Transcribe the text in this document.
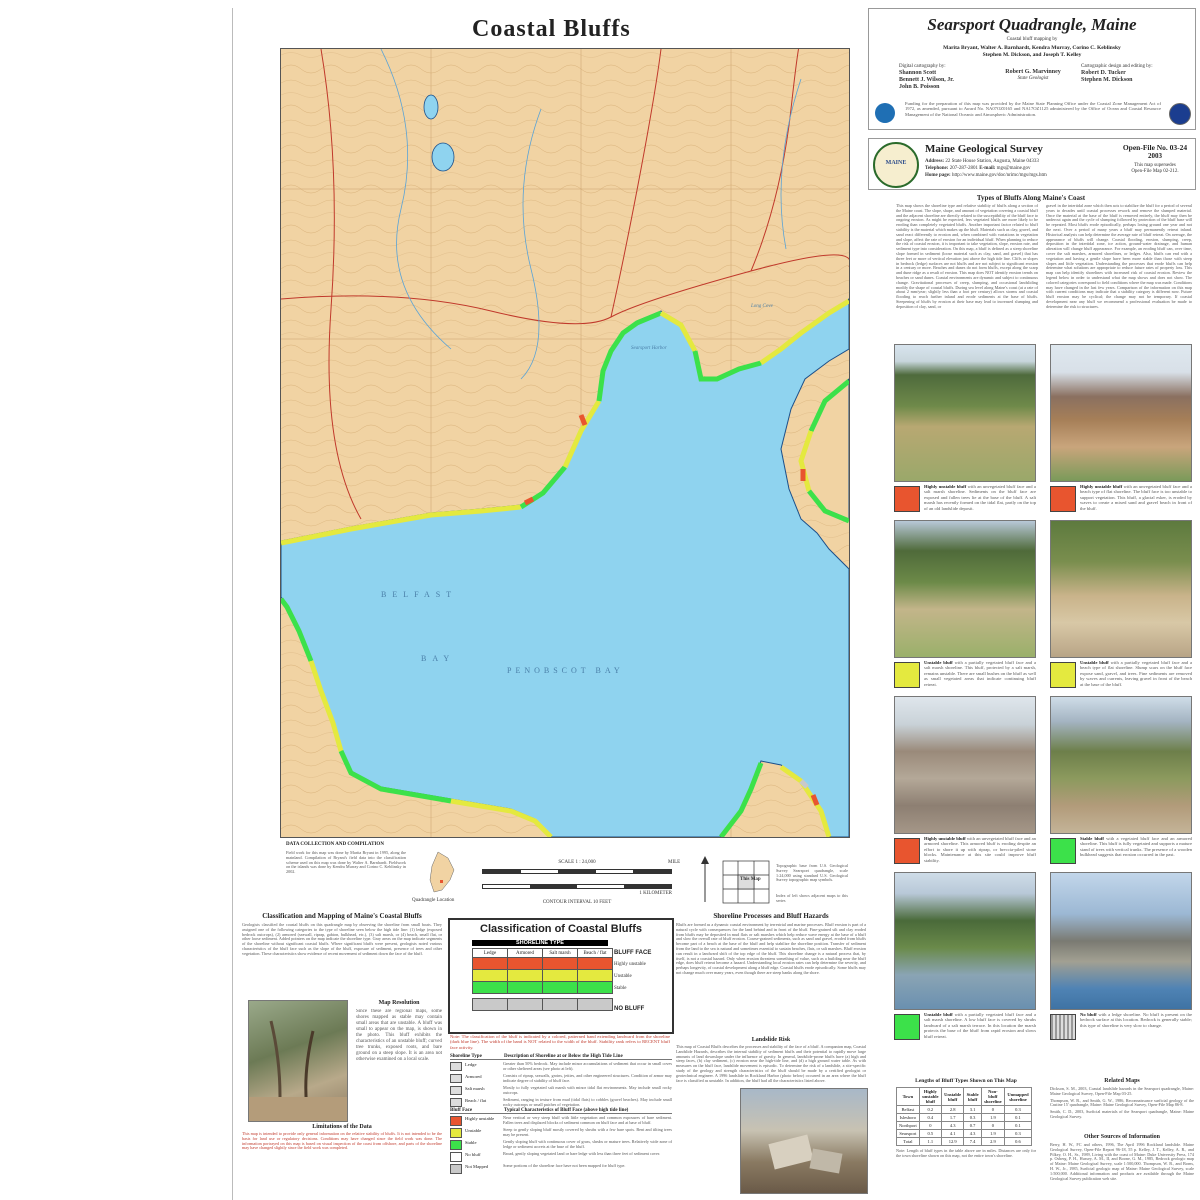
Coastal Bluffs
BELFAST
BAY
PENOBSCOT BAY
Searsport Harbor
Long Cove
DATA COLLECTION AND COMPILATION
Field work for this map was done by Marita Bryant in 1995, along the mainland. Compilation of Bryant's field data into the classification scheme used on this map was done by Walter A. Barnhardt. Fieldwork on the islands was done by Kendra Murray and Corino C. Keblinsky in 2002.
Quadrangle Location
SCALE 1 : 24,000
1 KILOMETER
CONTOUR INTERVAL 10 FEET
MILE
This Map
Topographic base from U.S. Geological Survey Searsport quadrangle, scale 1:24,000 using standard U.S. Geological Survey topographic map symbols.
Index of left shows adjacent maps to this series
Searsport Quadrangle, Maine
Coastal bluff mapping by
Marita Bryant, Walter A. Barnhardt, Kendra Murray, Corino C. Keblinsky
Stephen M. Dickson, and Joseph T. Kelley
Digital cartography by:
Shannon Scott
Bennett J. Wilson, Jr.
John B. Poisson
Robert G. Marvinney
State Geologist
Cartographic design and editing by:
Robert D. Tucker
Stephen M. Dickson
Funding for the preparation of this map was provided by the Maine State Planning Office under the Coastal Zone Management Act of 1972, as amended, pursuant to Award No. NA07OZ0165 and NA17OZ1125 administered by the Office of Ocean and Coastal Resource Management of the National Oceanic and Atmospheric Administration.
MAINE
Maine Geological Survey
Address: 22 State House Station, Augusta, Maine 04333
Telephone: 207-287-2801 E-mail: mgs@maine.gov
Home page: http://www.maine.gov/doc/nrimc/mgs/mgs.htm
Open-File No. 03-24
2003
This map supersedes
Open-File Map 02-212.
Types of Bluffs Along Maine's Coast
This map shows the shoreline type and relative stability of bluffs along a section of the Maine coast. The slope, shape, and amount of vegetation covering a coastal bluff and the adjacent shoreline are directly related to the susceptibility of the bluff face to ongoing erosion. As might be expected, less vegetated bluffs are more likely to be eroding than completely vegetated bluffs. Another important factor related to bluff stability is the material which makes up the bluff. Materials such as clay, gravel, and sand react differently to erosion and, when combined with variations in vegetation and slope, affect the rate of erosion for an individual bluff. When planning to reduce the risk of coastal erosion, it is important to take vegetation, slope, erosion rate, and sediment type into consideration. On this map, a bluff is defined as a steep shoreline slope formed in sediment (loose material such as clay, sand, and gravel) that has three feet or more of vertical elevation just above the high tide line. Cliffs or slopes in bedrock (ledge) surfaces are not bluffs and are not subject to significant erosion in a century or more. Beaches and dunes do not form bluffs, except along the scarp and dune ridge as a result of erosion. This map does NOT identify erosion trends on beaches or sand dunes. Coastal environments are dynamic and subject to continuous change. Gravitational processes of creep, slumping, and occasional landsliding modify the shape of coastal bluffs. During sea level along Maine's coast (at a rate of about 2 mm/year; slightly less than a foot per century) allows storms and coastal flooding to reach further inland and erode sediments at the base of bluffs. Steepening of bluffs by erosion at their base may lead to increased slumping and deposition of clay, sand, or
gravel in the intertidal zone which then acts to stabilize the bluff for a period of several years to decades until coastal processes rework and remove the slumped material. Once the material at the base of the bluff is removed entirely, the bluff may then be undercut again and the cycle of slumping followed by protection of the bluff base will be repeated. Most bluffs erode episodically, perhaps losing ground one year and not the next. Over a period of many years a bluff may permanently retreat inland. Historical analysis can help determine the average rate of bluff retreat. On average, the appearance of bluffs will change. Coastal flooding, erosion, slumping, creep, deposition in the intertidal zone, ice action, ground-water drainage, and human alteration will change bluff appearance. For example, an eroding bluff can, over time, cover the salt marshes, armored shorelines, or ledges. Also, bluffs can end with a vegetation and having a gentle slope have been more stable than those with steep slopes and little vegetation. Understanding the processes that erode bluffs can help determine what solutions are appropriate to reduce future rates of property loss. This map can help identify shorelines with increased risk of coastal erosion. Review the legend below in order to understand what the map shows and does not show. The colored categories correspond to field conditions where the map was made. Conditions may have changed in the last few years. Comparison of the information on this map with current conditions may indicate that a stability category is different now. Future bluff erosion may be cyclical; the change may not be temporary. If coastal development near any bluff we recommend a professional evaluation be made to determine the risk to structures.
Highly unstable bluff with an unvegetated bluff face and a salt marsh shoreline. Sediments on the bluff face are exposed and fallen trees lie at the base of the bluff. A salt marsh has recently formed on the tidal flat, partly on the top of an old landslide deposit.
Highly unstable bluff with an unvegetated bluff face and a beach type of flat shoreline. The bluff face is too unstable to support vegetation. This bluff, a glacial esker, is eroded by waves to create a mixed sand and gravel beach in front of the bluff.
Unstable bluff with a partially vegetated bluff face and a salt marsh shoreline. This bluff, protected by a salt marsh, remains unstable. There are small bushes on the bluff as well as small vegetated areas that indicate continuing bluff retreat.
Unstable bluff with a partially vegetated bluff face and a beach type of flat shoreline. Slump scars on the bluff face expose sand, gravel, and trees. Fine sediments are removed by waves and currents, leaving gravel in front of the beach at the base of the bluff.
Highly unstable bluff with an unvegetated bluff face and an armored shoreline. This armored bluff is eroding despite an effort to shore it up with riprap, or breccia-piled stone blocks. Maintenance at this site could improve bluff stability.
Stable bluff with a vegetated bluff face and an armored shoreline. This bluff is fully vegetated and supports a mature stand of trees with vertical trunks. The presence of a wooden bulkhead suggests that erosion occurred in the past.
Unstable bluff with a partially vegetated bluff face and a salt marsh shoreline. A low bluff face is covered by shrubs landward of a salt marsh terrace. In this location the marsh protects the base of the bluff from rapid erosion and slows bluff retreat.
No bluff with a ledge shoreline. No bluff is present on the bedrock surface at this location. Bedrock is generally stable; this type of shoreline is very slow to change.
Classification and Mapping of Maine's Coastal Bluffs
Geologists classified the coastal bluffs on this quadrangle map by observing the shoreline from small boats. They assigned one of the following categories to the type of shoreline seen below the high tide line: (1) ledge (exposed bedrock outcrops), (2) armored (seawall, riprap, gabion, bulkhead, etc.), (3) salt marsh, or (4) beach, small flat, or other loose sediment. Added pointers on the map indicate the shoreline type. Gray areas on the map indicate segments of the shoreline without significant coastal bluffs. Where significant bluffs were present, geologists noted various characteristics of the bluff face such as the slope of the bluff, exposure of sediment, presence of trees and other vegetation. These characteristics show evidence of recent movement of sediment down the face of the bluff.
Map Resolution
Since these are regional maps, some shores mapped as stable may contain small areas that are unstable. A bluff was small to appear on the map, is shown in the photo. This bluff exhibits the characteristics of an unstable bluff; curved tree trunks, exposed roots, and bare ground on a steep slope. It is an area not otherwise examined on a local scale.
Limitations of the Data
This map is intended to provide only general information on the relative stability of bluffs. It is not intended to be the basis for land use or regulatory decisions. Conditions may have changed since the field work was done. The information portrayed on this map is based on visual inspection of the coast from offshore, and parts of the shoreline may have changed slightly since the field work was completed.
Classification of Coastal Bluffs
SHORELINE TYPE
Ledge	Armored	Salt marsh	Beach / flat

			BLUFF FACE
Highly unstable
Unstable
Stable
NO BLUFF
Note: The classification of the bluff is indicated by a colored, patterned band extending landward from the shoreline (dark blue line). The width of the band is NOT related to the width of the bluff. Stability rank refers to RECENT bluff face activity.
Shoreline Type	Description of Shoreline at or Below the High Tide Line
Ledge	Greater than 50% bedrock. May include minor accumulations of sediment that occur in small coves or other sheltered areas (see photo at left).
Armored	Consists of riprap, seawalls, groins, jetties, and other engineered structures. Condition of armor may indicate degree of stability of bluff face.
Salt marsh	Mostly to fully vegetated salt marsh with minor tidal flat environments. May include small rocky outcrops.
Beach / flat	Sediment, ranging in texture from mud (tidal flats) to cobbles (gravel beaches). May include small rocky outcrops or small patches of vegetation.
Bluff Face	Typical Characteristics of Bluff Face (above high tide line)
Highly unstable	Near vertical or very steep bluff with little vegetation and common exposures of bare sediment. Fallen trees and displaced blocks of sediment common on bluff face and at base of bluff.
Unstable	Steep to gently sloping bluff mostly covered by shrubs with a few bare spots. Bent and tilting trees may be present.
Stable	Gently sloping bluff with continuous cover of grass, shrubs or mature trees. Relatively wide zone of ledge or sediment accrets at the base of the bluff.
No bluff	Broad, gently sloping vegetated land or bare ledge with less than three feet of sediment cover.
Not Mapped	Some portions of the shoreline face have not been mapped for bluff type.
Shoreline Processes and Bluff Hazards
Bluffs are formed as a dynamic coastal environment by terrestrial and marine processes. Bluff erosion is part of a natural cycle with consequences for the land behind and in front of the bluff. Fine-grained silt and clay eroded from bluffs may be deposited in mud flats or salt marshes which help reduce wave energy at the base of a bluff and slow the overall rate of bluff erosion. Coarse-grained sediments, such as sand and gravel, eroded from bluffs become part of a beach at the base of the bluff and help stabilize the shoreline position. Transfer of sediment from the land to the sea is natural and sometimes essential to sustain beaches, flats, or salt marshes. Bluff erosion can result in a landward shift of the top edge of the bluff. This shoreline change is a natural process that, by itself, is not a coastal hazard. Only when erosion threatens something of value, such as a building near the bluff edge, does bluff retreat become a hazard. Understanding local erosion rates can help determine the severity, and perhaps longevity, of coastal development along a bluff edge. Coastal bluffs erode episodically. Some bluffs may not change much over many years, even though there are steep banks along the shore.
Landslide Risk
This map of Coastal Bluffs describes the processes and stability of the face of a bluff. A companion map, Coastal Landslide Hazards, describes the internal stability of sediment bluffs and their potential to rapidly move large amounts of land downslope under the influence of gravity. In general, landslide-prone bluffs have (a) high and steep faces, (b) clay sediment, (c) erosion near the high-tide line, and (d) a high ground water table. As with measures on the bluff face, landslide movement is episodic. To determine the risk of a landslide, a site-specific study of the geology and strength characteristics of the bluff should be made by a certified geologist or geotechnical engineer. A 1996 landslide in Rockland Harbor (photo below) occurred in an area where the bluff face is classified as unstable. In addition, the bluff had all the characteristics listed above.	Lengths of Bluff Types Shown on This Map
Town	Highly unstable bluff	Unstable bluff	Stable bluff	Non-bluff shoreline	Unmapped shoreline
Belfast	0.2	2.8	3.1	0	0.3
Islesboro	0.4	1.7	0.3	1.9	0.1
Northport	0	4.3	0.7	0	0.1
Searsport	0.5	4.1	4.3	1.9	0.3
Total	1.1	12.9	7.4	2.9	0.6
Note: Length of bluff types in the table above are in miles. Distances are only for the town shoreline shown on this map, not the entire town's shoreline.
Related Maps
Dickson, S. M., 2003, Coastal landslide hazards in the Searsport quadrangle, Maine: Maine Geological Survey, Open-File Map 03-25.
Thompson, W. B., and Smith, G. W., 1986, Reconnaissance surficial geology of the Castine 15' quadrangle, Maine: Maine Geological Survey, Open-File Map 86-8.
Smith, C. D., 2003, Surficial materials of the Searsport quadrangle, Maine: Maine Geological Survey.
Other Sources of Information
Berry, H. W., FC and others, 1996, The April 1996 Rockland landslide. Maine Geological Survey, Open-File Report 96-18, 55 p. Kelley, J. T., Kelley, A. R., and Pilkey, O. H., Sr., 1989, Living with the coast of Maine: Duke University Press, 174 p. Osberg, P. H., Hussey, A. M., II, and Boone, G. M., 1985, Bedrock geologic map of Maine: Maine Geological Survey, scale 1:500,000. Thompson, W. B., and Borns, H. W., Jr., 1985, Surficial geologic map of Maine: Maine Geological Survey, scale 1:500,000. Additional information and products are available through the Maine Geological Survey publication web site.
